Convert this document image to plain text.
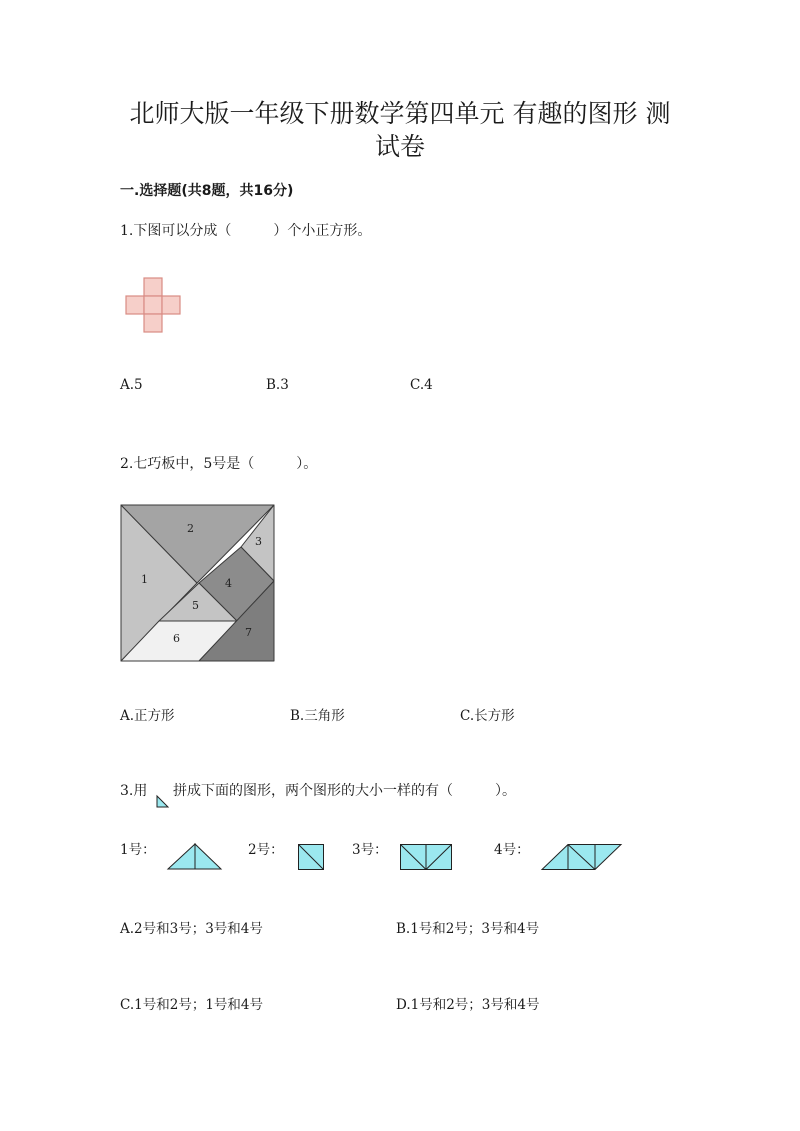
北师大版一年级下册数学第四单元 有趣的图形 测
试卷
一.选择题(共8题，共16分)
1.下图可以分成（　　　）个小正方形。
A.5	B.3	C.4
2.七巧板中，5号是（　　　）。
1
2
3
4
5
6	7
A.正方形	B.三角形	C.长方形
3.用 拼成下面的图形，两个图形的大小一样的有（　　　）。
1号：	2号：	3号：	4号：
A.2号和3号；3号和4号	B.1号和2号；3号和4号
C.1号和2号；1号和4号	D.1号和2号；3号和4号
